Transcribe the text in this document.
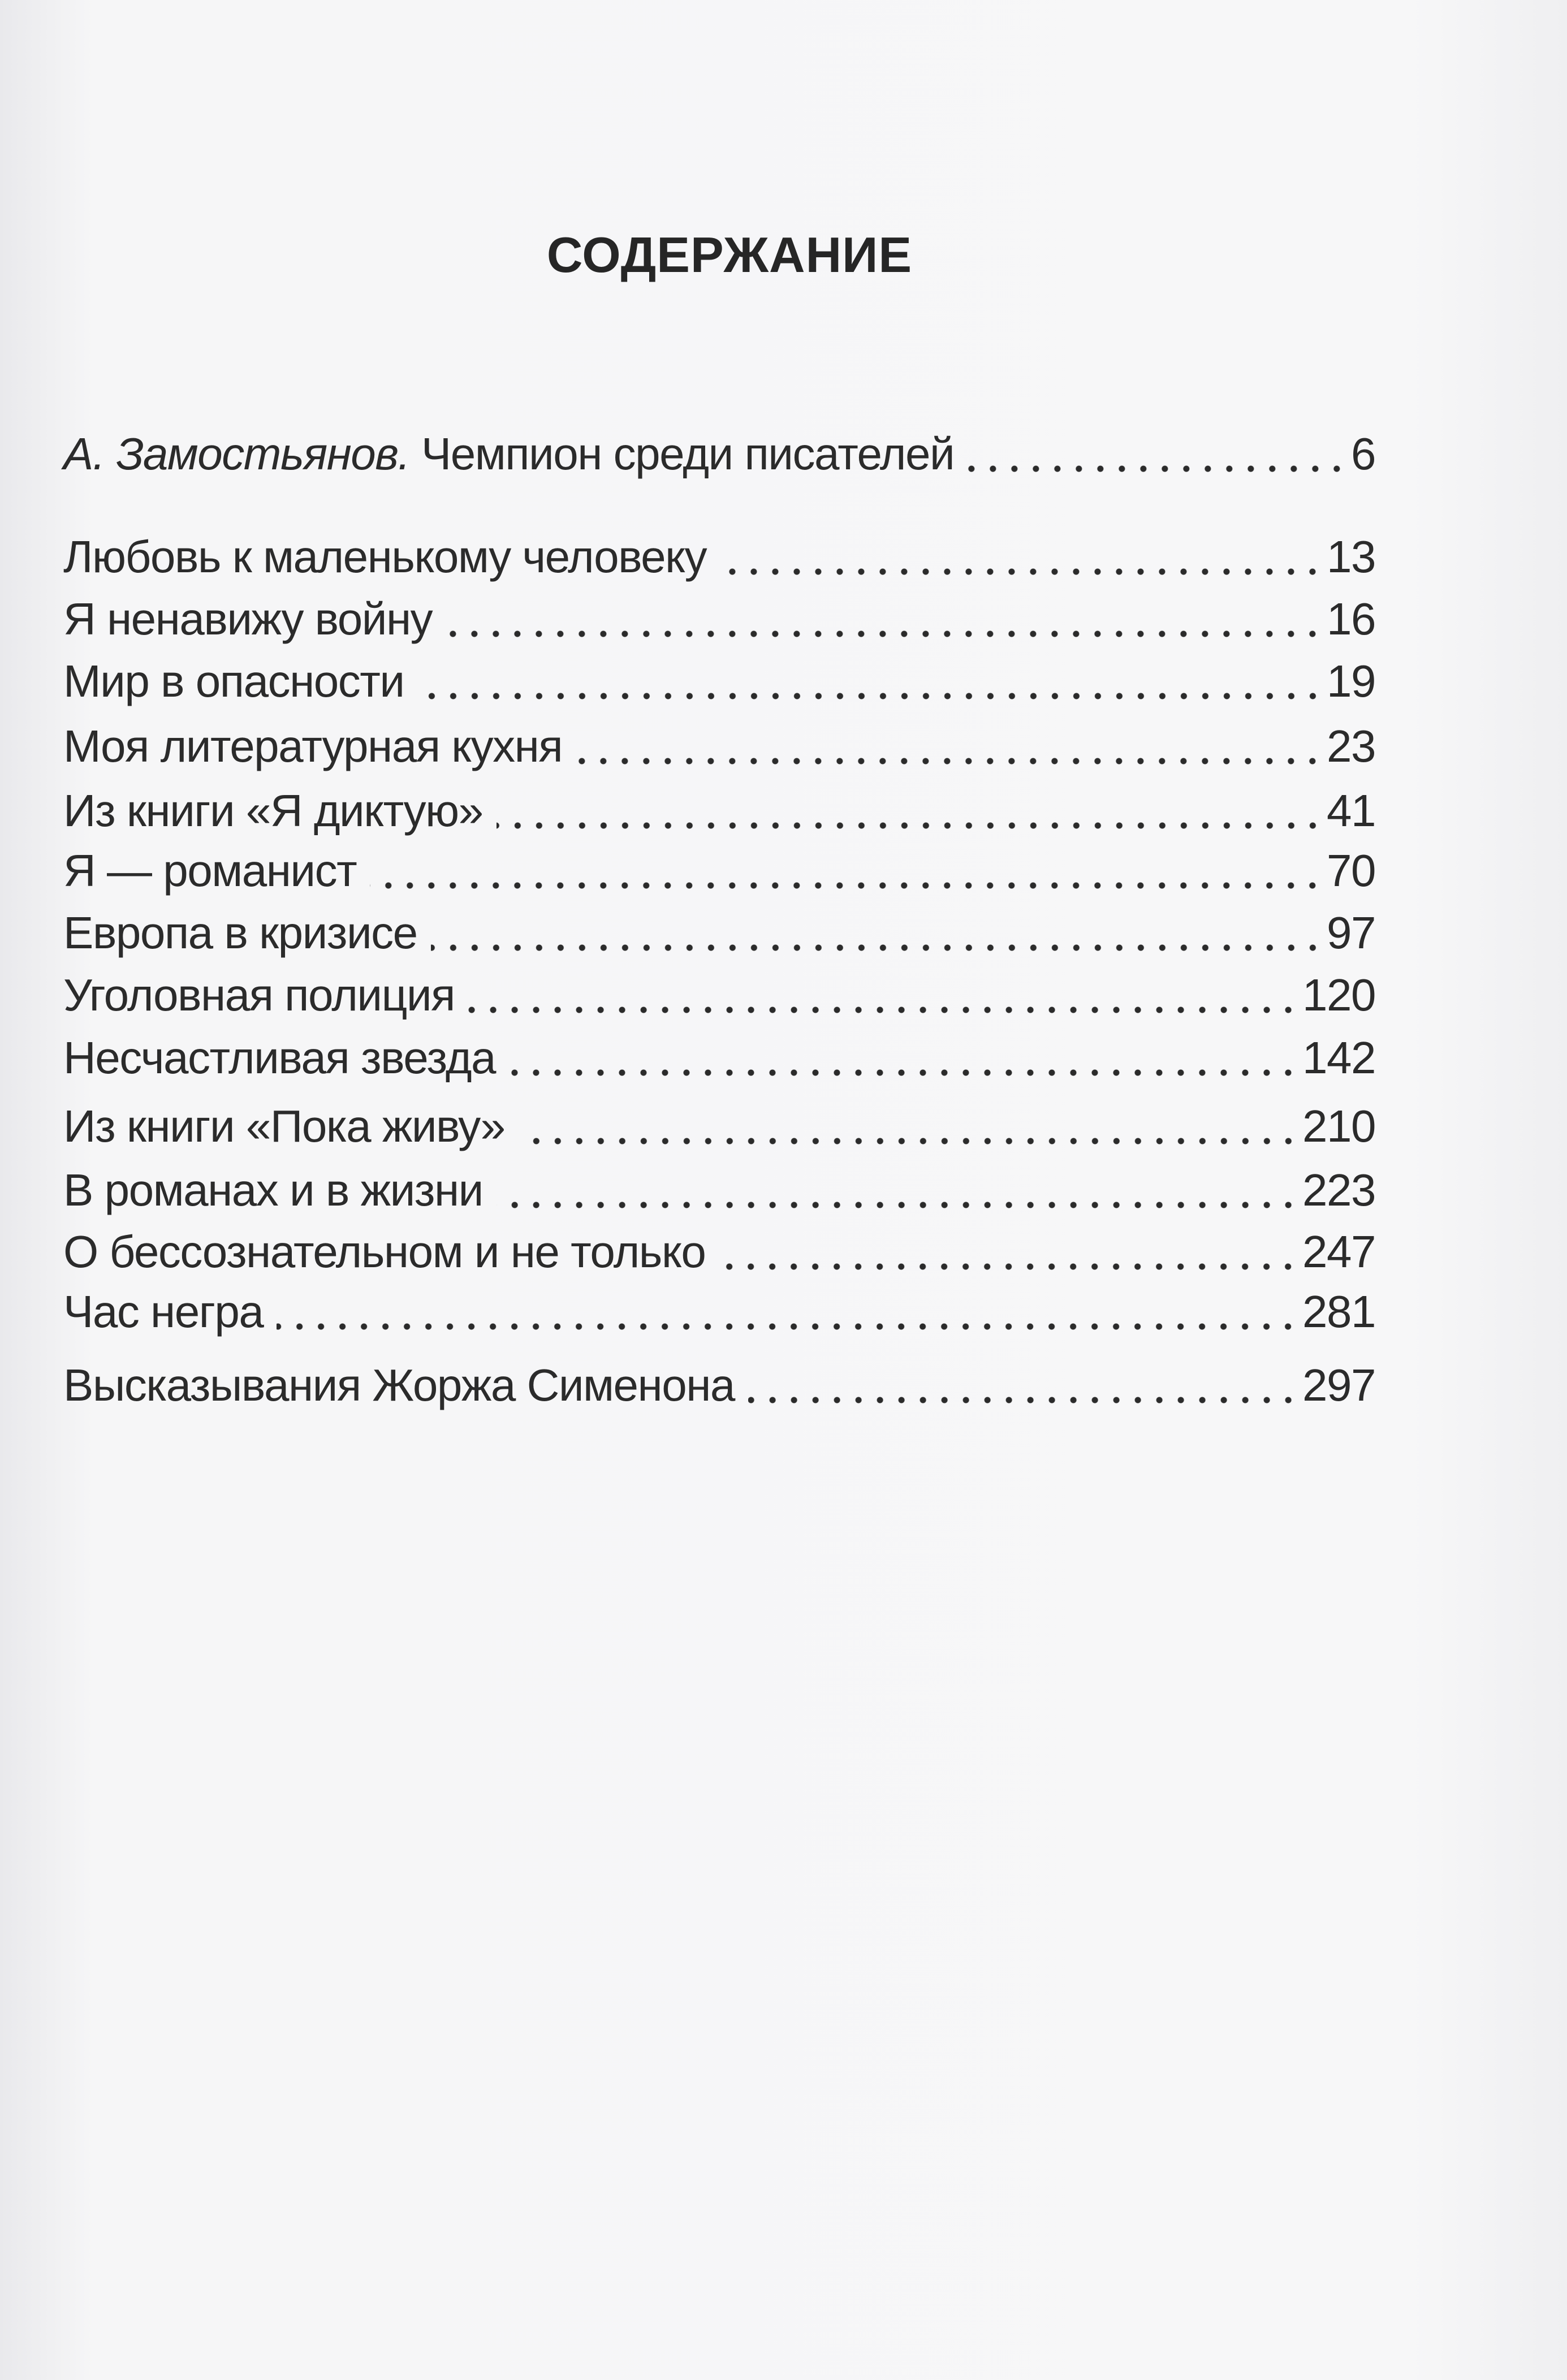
СОДЕРЖАНИЕ
А. Замостьянов. Чемпион среди писателей	6
Любовь к маленькому человеку	13
Я ненавижу войну	16
Мир в опасности	19
Моя литературная кухня	23
Из книги «Я диктую»	41
Я — романист	70
Европа в кризисе	97
Уголовная полиция	120
Несчастливая звезда	142
Из книги «Пока живу»	210
В романах и в жизни	223
О бессознательном и не только	247
Час негра	281
Высказывания Жоржа Сименона	297
